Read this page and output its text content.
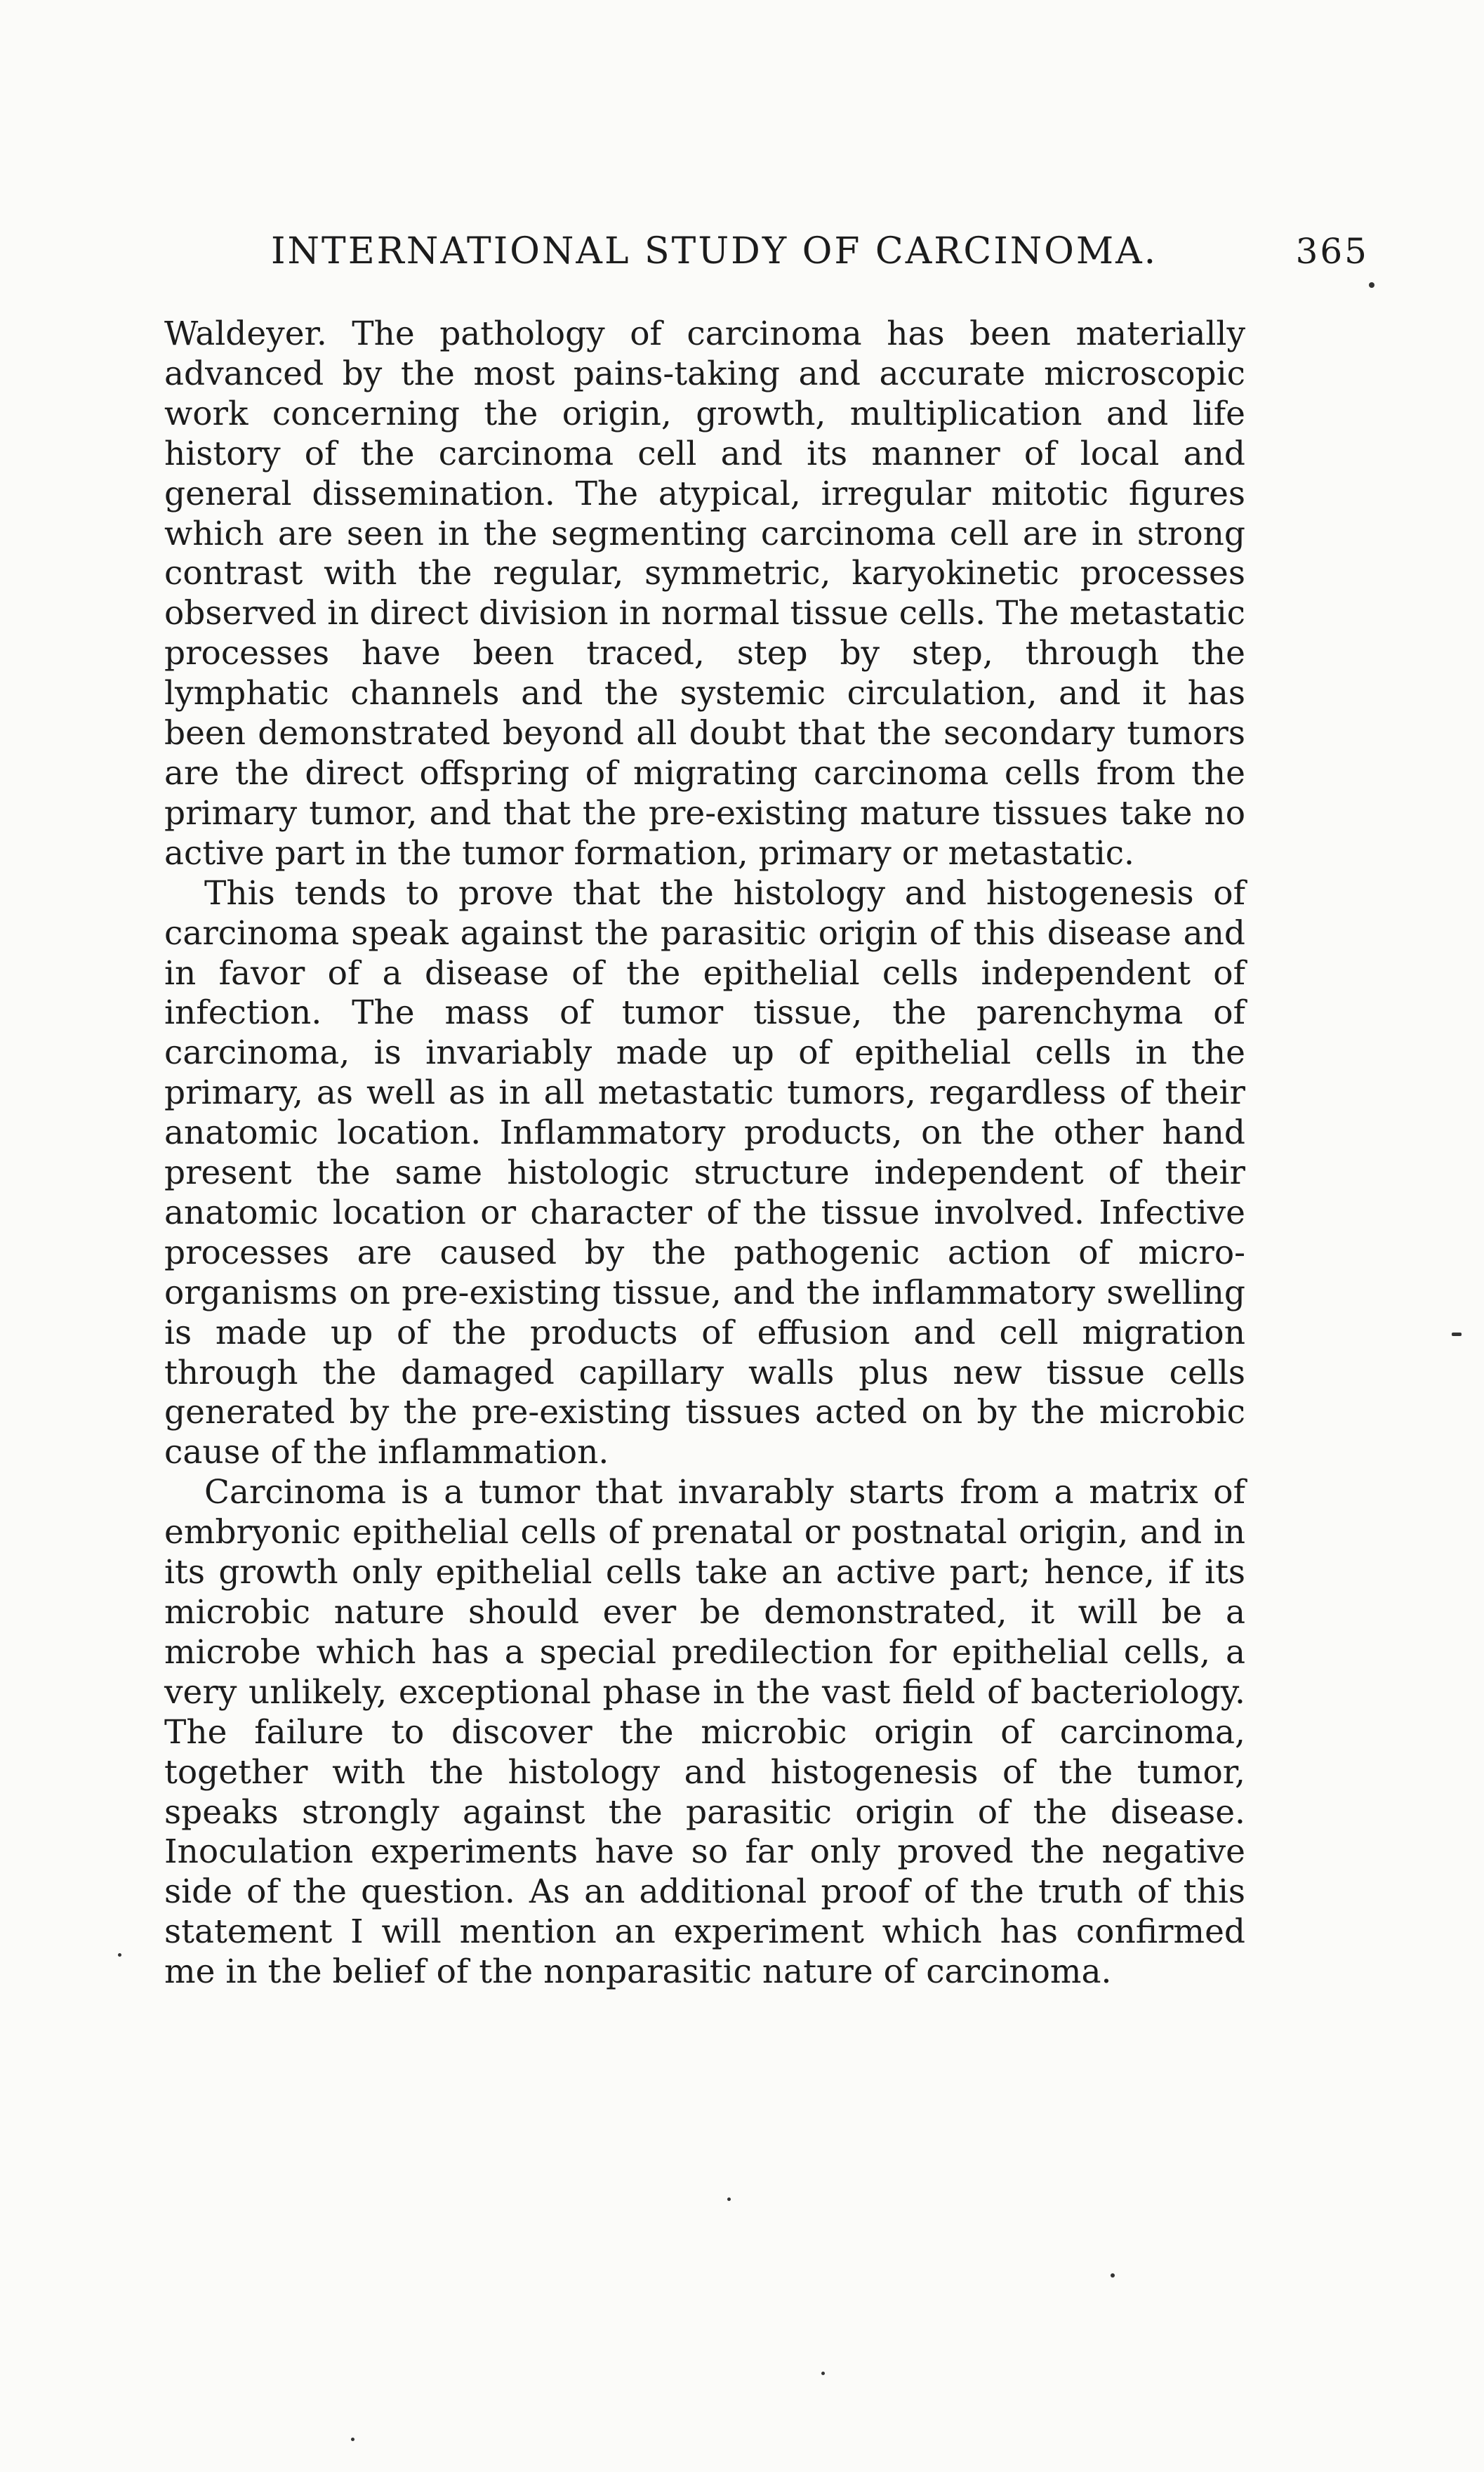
INTERNATIONAL STUDY OF CARCINOMA.	365

Waldeyer. The pathology of carcinoma has been materially advanced by the most pains-taking and accurate microscopic work concerning the origin, growth, multiplication and life history of the carcinoma cell and its manner of local and general dissemination. The atypical, irregular mitotic figures which are seen in the segmenting carcinoma cell are in strong contrast with the regular, symmetric, karyokinetic processes observed in direct division in normal tissue cells. The metastatic processes have been traced, step by step, through the lymphatic channels and the systemic circulation, and it has been demonstrated beyond all doubt that the secondary tumors are the direct offspring of migrating carcinoma cells from the primary tumor, and that the pre-existing mature tissues take no active part in the tumor formation, primary or metastatic.

This tends to prove that the histology and histogenesis of carcinoma speak against the parasitic origin of this disease and in favor of a disease of the epithelial cells independent of infection. The mass of tumor tissue, the parenchyma of carcinoma, is invariably made up of epithelial cells in the primary, as well as in all metastatic tumors, regardless of their anatomic location. Inflammatory products, on the other hand present the same histologic structure independent of their anatomic location or character of the tissue involved. Infective processes are caused by the pathogenic action of micro-organisms on pre-existing tissue, and the inflammatory swelling is made up of the products of effusion and cell migration through the damaged capillary walls plus new tissue cells generated by the pre-existing tissues acted on by the microbic cause of the inflammation.

Carcinoma is a tumor that invarably starts from a matrix of embryonic epithelial cells of prenatal or postnatal origin, and in its growth only epithelial cells take an active part; hence, if its microbic nature should ever be demonstrated, it will be a microbe which has a special predilection for epithelial cells, a very unlikely, exceptional phase in the vast field of bacteriology. The failure to discover the microbic origin of carcinoma, together with the histology and histogenesis of the tumor, speaks strongly against the parasitic origin of the disease. Inoculation experiments have so far only proved the negative side of the question. As an additional proof of the truth of this statement I will mention an experiment which has confirmed me in the belief of the nonparasitic nature of carcinoma.
